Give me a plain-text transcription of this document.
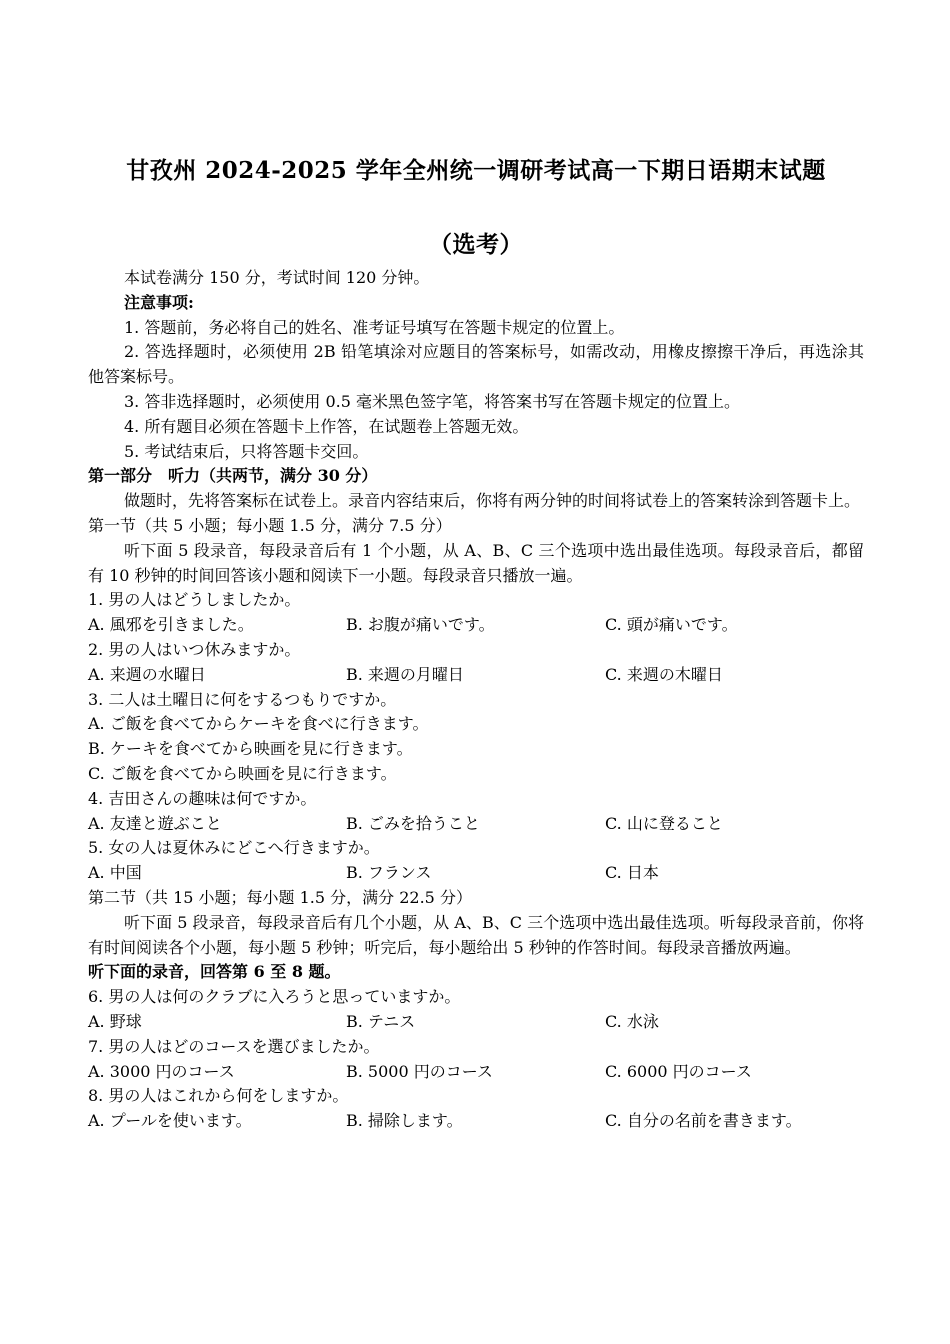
甘孜州 2024-2025 学年全州统一调研考试高一下期日语期末试题
（选考）
本试卷满分 150 分，考试时间 120 分钟。
注意事项:
1. 答题前，务必将自己的姓名、准考证号填写在答题卡规定的位置上。
2. 答选择题时，必须使用 2B 铅笔填涂对应题目的答案标号，如需改动，用橡皮擦擦干净后，再选涂其他答案标号。
3. 答非选择题时，必须使用 0.5 毫米黑色签字笔，将答案书写在答题卡规定的位置上。
4. 所有题目必须在答题卡上作答，在试题卷上答题无效。
5. 考试结束后，只将答题卡交回。
第一部分　听力（共两节，满分 30 分）
做题时，先将答案标在试卷上。录音内容结束后，你将有两分钟的时间将试卷上的答案转涂到答题卡上。
第一节（共 5 小题；每小题 1.5 分，满分 7.5 分）
听下面 5 段录音，每段录音后有 1 个小题，从 A、B、C 三个选项中选出最佳选项。每段录音后，都留有 10 秒钟的时间回答该小题和阅读下一小题。每段录音只播放一遍。
1. 男の人はどうしましたか。
A. 風邪を引きました。	B. お腹が痛いです。	C. 頭が痛いです。
2. 男の人はいつ休みますか。
A. 来週の水曜日	B. 来週の月曜日	C. 来週の木曜日
3. 二人は土曜日に何をするつもりですか。
A. ご飯を食べてからケーキを食べに行きます。
B. ケーキを食べてから映画を見に行きます。
C. ご飯を食べてから映画を見に行きます。
4. 吉田さんの趣味は何ですか。
A. 友達と遊ぶこと	B. ごみを拾うこと	C. 山に登ること
5. 女の人は夏休みにどこへ行きますか。
A. 中国	B. フランス	C. 日本
第二节（共 15 小题；每小题 1.5 分，满分 22.5 分）
听下面 5 段录音，每段录音后有几个小题，从 A、B、C 三个选项中选出最佳选项。听每段录音前，你将有时间阅读各个小题，每小题 5 秒钟；听完后，每小题给出 5 秒钟的作答时间。每段录音播放两遍。
听下面的录音，回答第 6 至 8 题。
6. 男の人は何のクラブに入ろうと思っていますか。
A. 野球	B. テニス	C. 水泳
7. 男の人はどのコースを選びましたか。
A. 3000 円のコース	B. 5000 円のコース	C. 6000 円のコース
8. 男の人はこれから何をしますか。
A. プールを使います。	B. 掃除します。	C. 自分の名前を書きます。
